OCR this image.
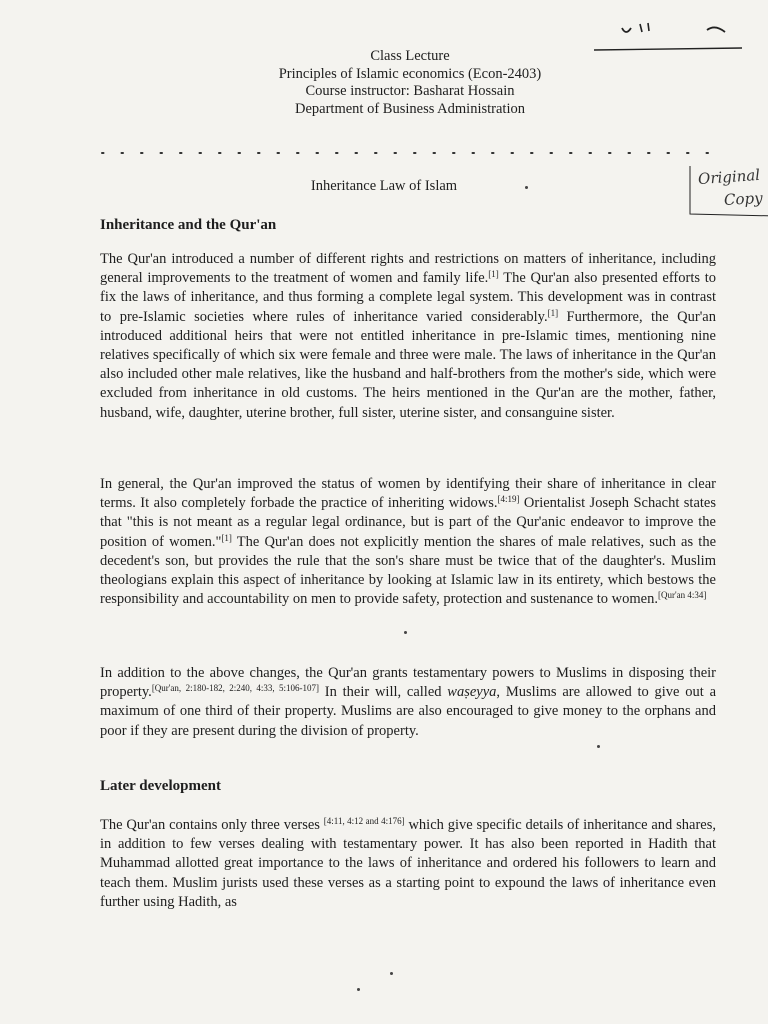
Class Lecture
Principles of Islamic economics (Econ-2403)
Course instructor: Basharat Hossain
Department of Business Administration
Original
Copy
Inheritance Law of Islam
Inheritance and the Qur'an

The Qur'an introduced a number of different rights and restrictions on matters of inheritance, including general improvements to the treatment of women and family life.[1] The Qur'an also presented efforts to fix the laws of inheritance, and thus forming a complete legal system. This development was in contrast to pre-Islamic societies where rules of inheritance varied considerably.[1] Furthermore, the Qur'an introduced additional heirs that were not entitled inheritance in pre-Islamic times, mentioning nine relatives specifically of which six were female and three were male. The laws of inheritance in the Qur'an also included other male relatives, like the husband and half-brothers from the mother's side, which were excluded from inheritance in old customs. The heirs mentioned in the Qur'an are the mother, father, husband, wife, daughter, uterine brother, full sister, uterine sister, and consanguine sister.

In general, the Qur'an improved the status of women by identifying their share of inheritance in clear terms. It also completely forbade the practice of inheriting widows.[4:19] Orientalist Joseph Schacht states that "this is not meant as a regular legal ordinance, but is part of the Qur'anic endeavor to improve the position of women."[1] The Qur'an does not explicitly mention the shares of male relatives, such as the decedent's son, but provides the rule that the son's share must be twice that of the daughter's. Muslim theologians explain this aspect of inheritance by looking at Islamic law in its entirety, which bestows the responsibility and accountability on men to provide safety, protection and sustenance to women.[Qur'an 4:34]

In addition to the above changes, the Qur'an grants testamentary powers to Muslims in disposing their property.[Qur'an, 2:180-182, 2:240, 4:33, 5:106-107] In their will, called waṣeyya, Muslims are allowed to give out a maximum of one third of their property. Muslims are also encouraged to give money to the orphans and poor if they are present during the division of property.

Later development

The Qur'an contains only three verses [4:11, 4:12 and 4:176] which give specific details of inheritance and shares, in addition to few verses dealing with testamentary power. It has also been reported in Hadith that Muhammad allotted great importance to the laws of inheritance and ordered his followers to learn and teach them. Muslim jurists used these verses as a starting point to expound the laws of inheritance even further using Hadith, as
